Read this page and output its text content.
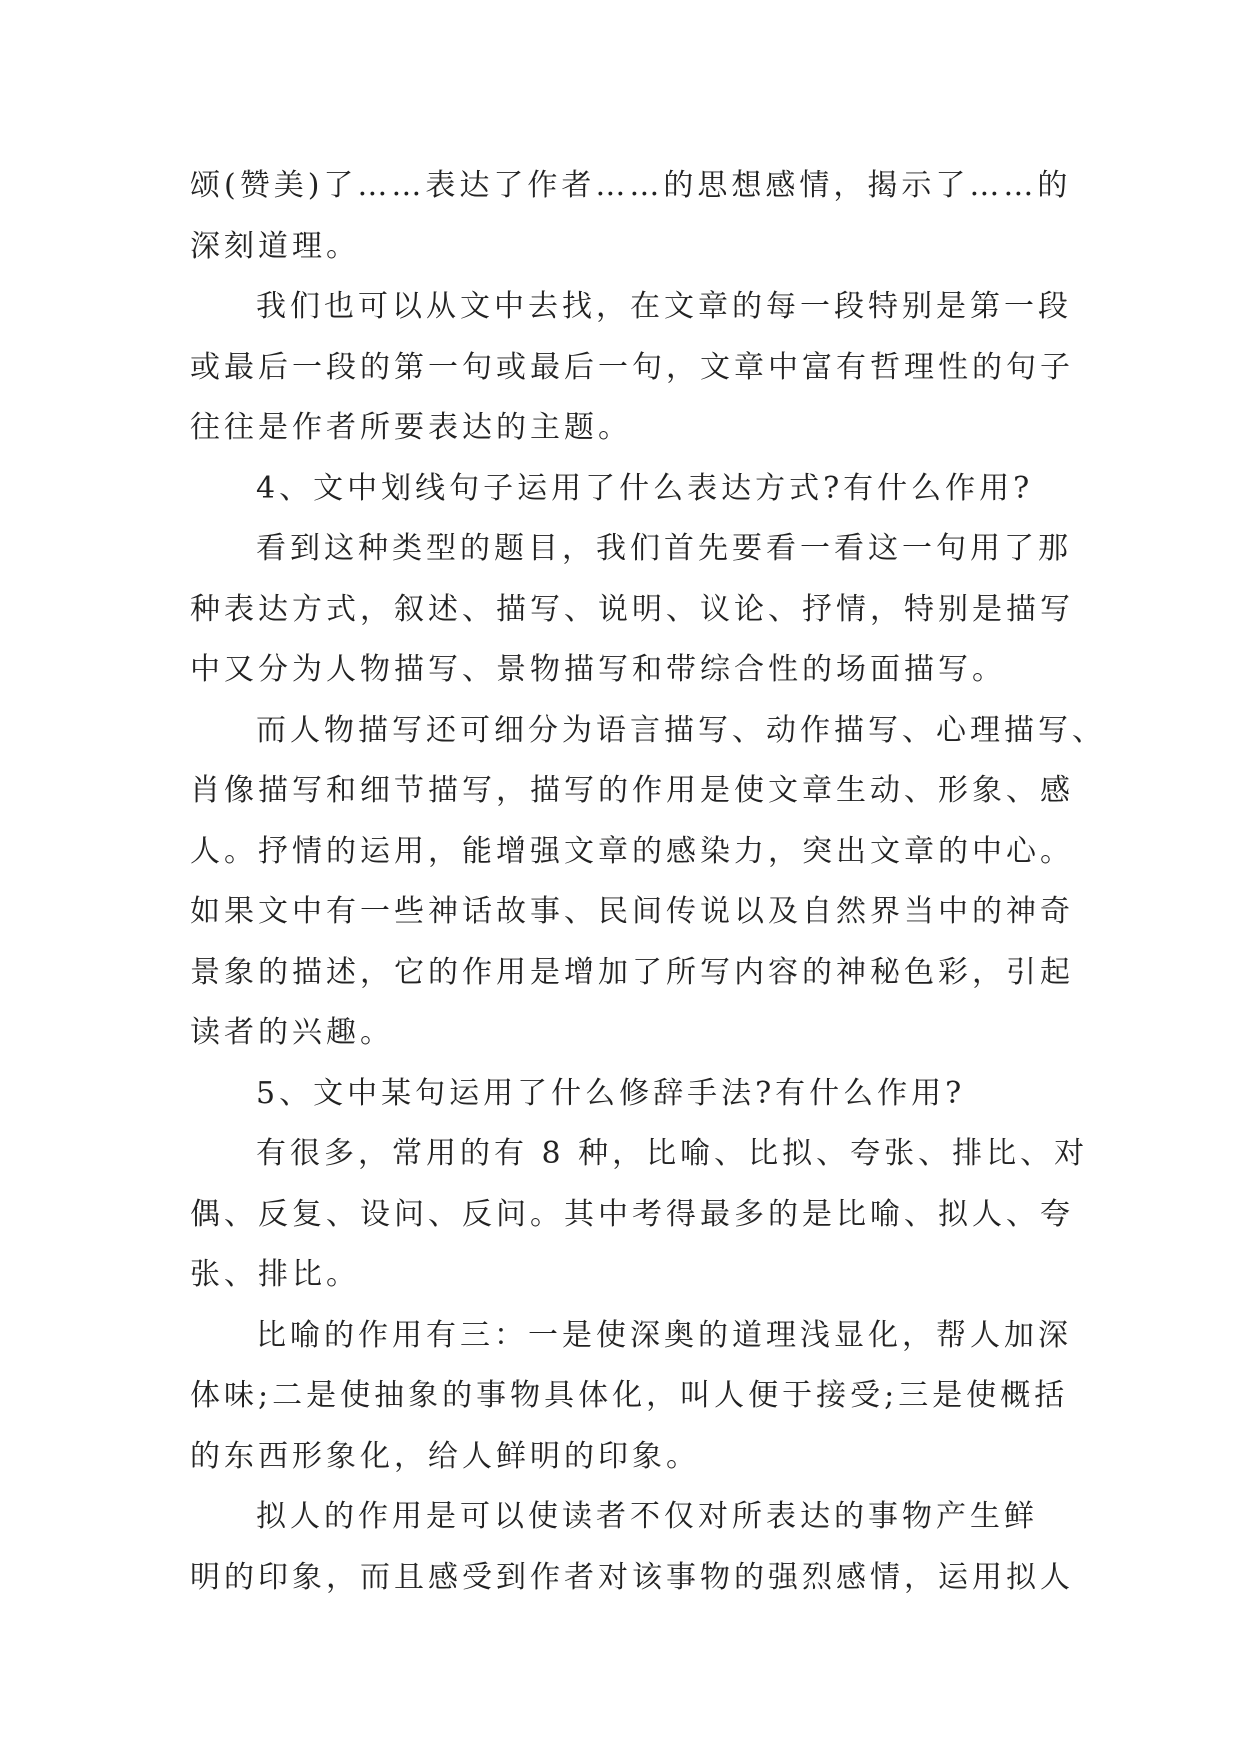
颂(赞美)了……表达了作者……的思想感情，揭示了……的
深刻道理。
我们也可以从文中去找，在文章的每一段特别是第一段
或最后一段的第一句或最后一句，文章中富有哲理性的句子
往往是作者所要表达的主题。
4、文中划线句子运用了什么表达方式?有什么作用?
看到这种类型的题目，我们首先要看一看这一句用了那
种表达方式，叙述、描写、说明、议论、抒情，特别是描写
中又分为人物描写、景物描写和带综合性的场面描写。
而人物描写还可细分为语言描写、动作描写、心理描写、
肖像描写和细节描写，描写的作用是使文章生动、形象、感
人。抒情的运用，能增强文章的感染力，突出文章的中心。
如果文中有一些神话故事、民间传说以及自然界当中的神奇
景象的描述，它的作用是增加了所写内容的神秘色彩，引起
读者的兴趣。
5、文中某句运用了什么修辞手法?有什么作用?
有很多，常用的有 8 种，比喻、比拟、夸张、排比、对
偶、反复、设问、反问。其中考得最多的是比喻、拟人、夸
张、排比。
比喻的作用有三：一是使深奥的道理浅显化，帮人加深
体味;二是使抽象的事物具体化，叫人便于接受;三是使概括
的东西形象化，给人鲜明的印象。
拟人的作用是可以使读者不仅对所表达的事物产生鲜
明的印象，而且感受到作者对该事物的强烈感情，运用拟人
